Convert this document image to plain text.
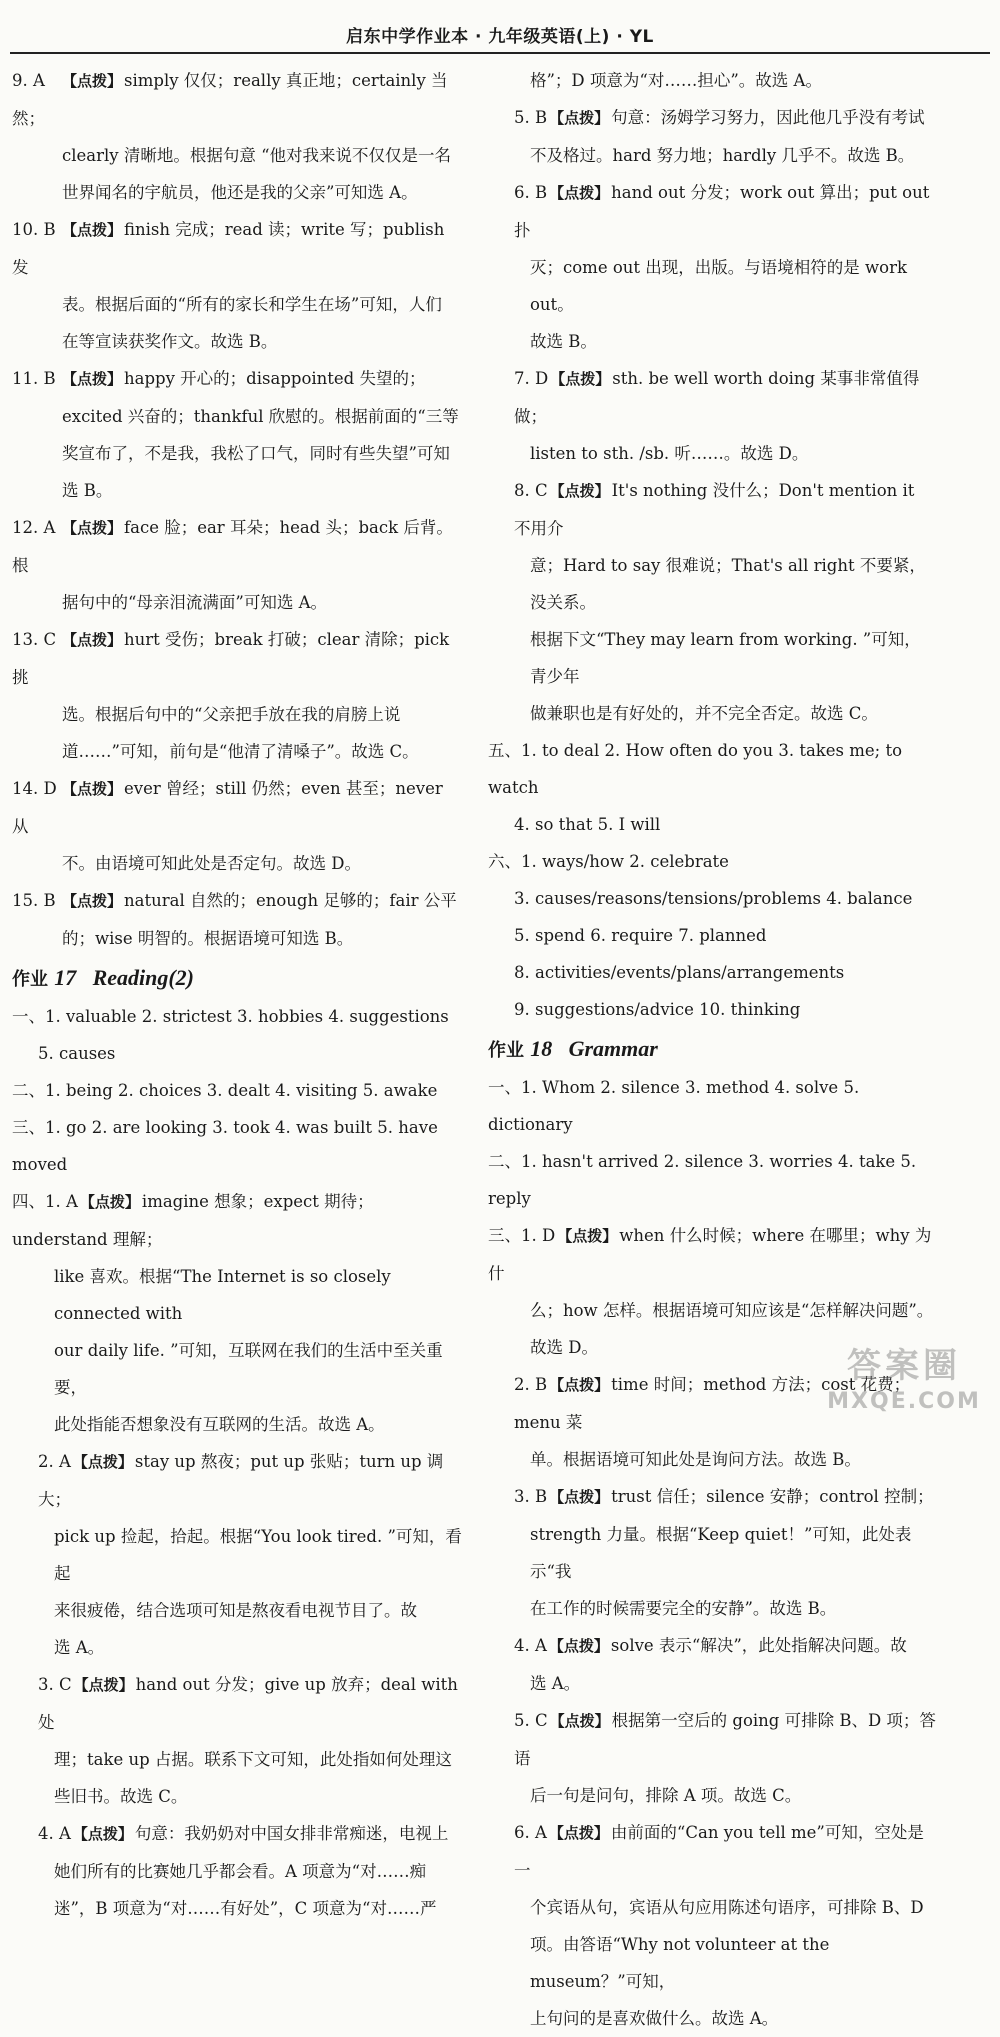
启东中学作业本 · 九年级英语(上) · YL
9. A 【点拨】 simply 仅仅；really 真正地；certainly 当然；
clearly 清晰地。根据句意 “他对我来说不仅仅是一名
世界闻名的宇航员，他还是我的父亲”可知选 A。
10. B 【点拨】 finish 完成；read 读；write 写；publish 发
表。根据后面的“所有的家长和学生在场”可知，人们
在等宣读获奖作文。故选 B。
11. B 【点拨】 happy 开心的；disappointed 失望的；
excited 兴奋的；thankful 欣慰的。根据前面的“三等
奖宣布了，不是我，我松了口气，同时有些失望”可知
选 B。
12. A 【点拨】 face 脸；ear 耳朵；head 头；back 后背。根
据句中的“母亲泪流满面”可知选 A。
13. C 【点拨】 hurt 受伤；break 打破；clear 清除；pick 挑
选。根据后句中的“父亲把手放在我的肩膀上说
道……”可知，前句是“他清了清嗓子”。故选 C。
14. D 【点拨】 ever 曾经；still 仍然；even 甚至；never 从
不。由语境可知此处是否定句。故选 D。
15. B 【点拨】 natural 自然的；enough 足够的；fair 公平
的；wise 明智的。根据语境可知选 B。
作业 17 Reading(2)
一、1. valuable 2. strictest 3. hobbies 4. suggestions
5. causes
二、1. being 2. choices 3. dealt 4. visiting 5. awake
三、1. go 2. are looking 3. took 4. was built 5. have moved
四、1. A 【点拨】 imagine 想象；expect 期待；understand 理解；
like 喜欢。根据“The Internet is so closely connected with
our daily life. ”可知，互联网在我们的生活中至关重要，
此处指能否想象没有互联网的生活。故选 A。
2. A 【点拨】 stay up 熬夜；put up 张贴；turn up 调大；
pick up 捡起，拾起。根据“You look tired. ”可知，看起
来很疲倦，结合选项可知是熬夜看电视节目了。故
选 A。
3. C 【点拨】 hand out 分发；give up 放弃；deal with 处
理；take up 占据。联系下文可知，此处指如何处理这
些旧书。故选 C。
4. A 【点拨】 句意：我奶奶对中国女排非常痴迷，电视上
她们所有的比赛她几乎都会看。A 项意为“对……痴
迷”，B 项意为“对……有好处”，C 项意为“对……严
格”；D 项意为“对……担心”。故选 A。
5. B 【点拨】 句意：汤姆学习努力，因此他几乎没有考试
不及格过。hard 努力地；hardly 几乎不。故选 B。
6. B 【点拨】 hand out 分发；work out 算出；put out 扑
灭；come out 出现，出版。与语境相符的是 work out。
故选 B。
7. D 【点拨】 sth. be well worth doing 某事非常值得做；
listen to sth. /sb. 听……。故选 D。
8. C 【点拨】 It's nothing 没什么；Don't mention it 不用介
意；Hard to say 很难说；That's all right 不要紧，没关系。
根据下文“They may learn from working. ”可知，青少年
做兼职也是有好处的，并不完全否定。故选 C。
五、1. to deal 2. How often do you 3. takes me; to watch
4. so that 5. I will
六、1. ways/how 2. celebrate
3. causes/reasons/tensions/problems 4. balance
5. spend 6. require 7. planned
8. activities/events/plans/arrangements
9. suggestions/advice 10. thinking
作业 18 Grammar
一、1. Whom 2. silence 3. method 4. solve 5. dictionary
二、1. hasn't arrived 2. silence 3. worries 4. take 5. reply
三、1. D 【点拨】 when 什么时候；where 在哪里；why 为什
么；how 怎样。根据语境可知应该是“怎样解决问题”。
故选 D。
2. B 【点拨】 time 时间；method 方法；cost 花费；menu 菜
单。根据语境可知此处是询问方法。故选 B。
3. B 【点拨】 trust 信任；silence 安静；control 控制；
strength 力量。根据“Keep quiet！”可知，此处表示“我
在工作的时候需要完全的安静”。故选 B。
4. A 【点拨】 solve 表示“解决”，此处指解决问题。故
选 A。
5. C 【点拨】 根据第一空后的 going 可排除 B、D 项；答语
后一句是问句，排除 A 项。故选 C。
6. A 【点拨】 由前面的“Can you tell me”可知，空处是一
个宾语从句，宾语从句应用陈述句语序，可排除 B、D
项。由答语“Why not volunteer at the museum？”可知，
上句问的是喜欢做什么。故选 A。
答案圈
MXQE.COM
